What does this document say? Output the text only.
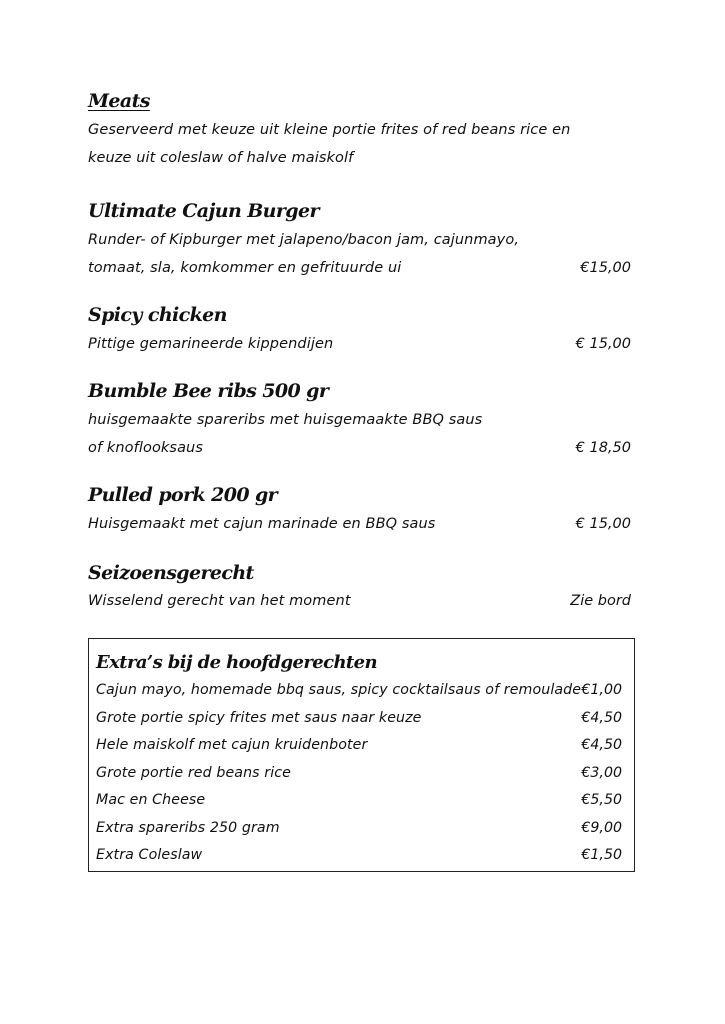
Meats
Geserveerd met keuze uit kleine portie frites of red beans rice en
keuze uit coleslaw of halve maiskolf
Ultimate Cajun Burger
Runder- of Kipburger met jalapeno/bacon jam, cajunmayo,
tomaat, sla, komkommer en gefrituurde ui	€15,00
Spicy chicken
Pittige gemarineerde kippendijen	€ 15,00
Bumble Bee ribs 500 gr
huisgemaakte spareribs met huisgemaakte BBQ saus
of knoflooksaus	€ 18,50
Pulled pork 200 gr
Huisgemaakt met cajun marinade en BBQ saus	€ 15,00
Seizoensgerecht
Wisselend gerecht van het moment	Zie bord
Extra’s bij de hoofdgerechten
Cajun mayo, homemade bbq saus, spicy cocktailsaus of remoulade €1,00
Grote portie spicy frites met saus naar keuze	€4,50
Hele maiskolf met cajun kruidenboter	€4,50
Grote portie red beans rice	€3,00
Mac en Cheese	€5,50
Extra spareribs 250 gram	€9,00
Extra Coleslaw	€1,50
